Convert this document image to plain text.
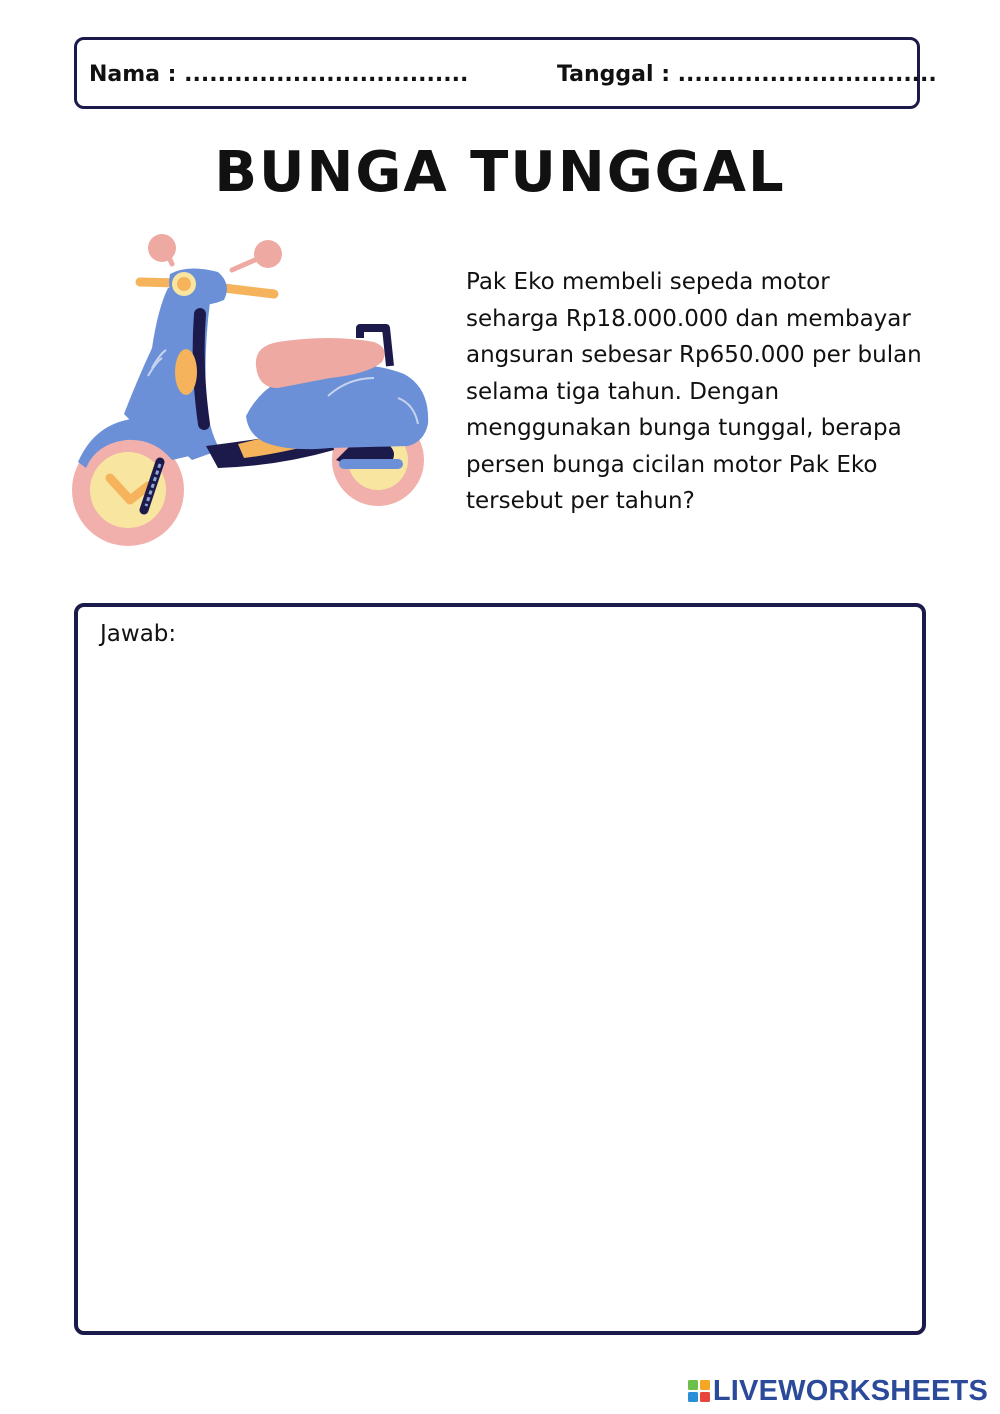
Nama : ..................................	Tanggal : ...............................
BUNGA TUNGGAL
Pak Eko membeli sepeda motor
seharga Rp18.000.000 dan membayar
angsuran sebesar Rp650.000 per bulan
selama tiga tahun. Dengan
menggunakan bunga tunggal, berapa
persen bunga cicilan motor Pak Eko
tersebut per tahun?
Jawab:
LIVEWORKSHEETS
